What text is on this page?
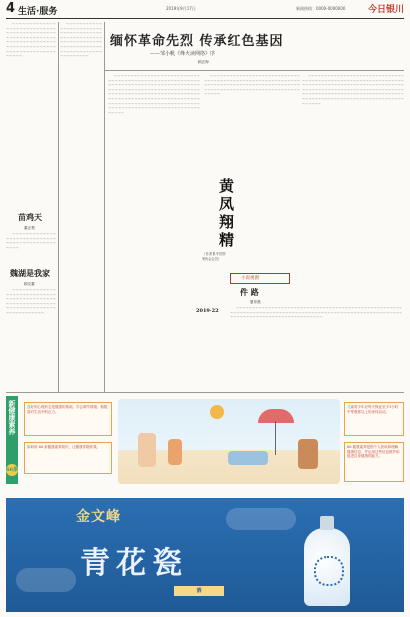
4 生活·服务	2019年9月17日	新闻热线：0000-0000000	今日银川

～～～～～～～～～～～～～～～～～～～～～～～～～～～～～～～～～～～～～～～～～～～～～～～～～～～～～～～～～～～～～～～～～～～～～～～～～～～～～～～～～～～～～～～～～～～～～～～～～～～～～～～～～～～～

～～～～～～～～～～～～～～～～～～～～～～～～～～～～～～～～～～～～～～～～～～～～～～～～～～～～～～～～～～～～～～～～～～～～～～～～～～～～～～～～～～～～～～～～～～～～～～～～～～

苗鸡天
董正观

～～～～～～～～～～～～～～～～～～～～～～～～～～～～～～～～～～～～～～～～～～～～～～～

魏湖是我家
顾友董

～～～～～～～～～～～～～～～～～～～～～～～～～～～～～～～～～～～～～～～～～～～～～～～～～～～～～～～～～～～～～～～～～～～～～～～～～～～～～～～～～～～～～

缅怀革命先烈 传承红色基因
——邹小帆《烽火读网络》序
顾正海

～～～～～～～～～～～～～～～～～～～～～～～～～～～～～～～～～～～～～～～～～～～～～～～～～～～～～～～～～～～～～～～～～～～～～～～～～～～～～～～～～～～～～～～～～～～～～～～～～～～～～～～～～～～～～～～～～～～～～～～～～～～～～～～～～～～～～～～～～～～～～～～～～～～～～～～～～～～～～～～～～～～～～～～～～～～～～～～～～～～～～～～～～～～～～～～～～～～～～～～～～～～～～～～～～～～～～～～～～～～～～～～～～～～

～～～～～～～～～～～～～～～～～～～～～～～～～～～～～～～～～～～～～～～～～～～～～～～～～～～～～～～～～～～～～～～～～～～～～～～～～～～～～～～～～～～～～～～～～～～～～～～～～～～～～～～～～～～～～～～～～～～～～～～～～～～

～～～～～～～～～～～～～～～～～～～～～～～～～～～～～～～～～～～～～～～～～～～～～～～～～～～～～～～～～～～～～～～～～～～～～～～～～～～～～～～～～～～～～～～～～～～～～～～～～～～～～～～～～～～～～～～～～～～～～～～～～～～～～～～～～～～～～～～～～～～～～～～～～～～～～～～～～～～～～～～～～～～～～～～～～～～～～～～～～～～～～～～～～～～～～～～～～～～～

（作者系中国作家协会会员）
黄凤翔精
2019·22
小说视窗
件 路
夏东晨

～～～～～～～～～～～～～～～～～～～～～～～～～～～～～～～～～～～～～～～～～～～～～～～～～～～～～～～～～～～～～～～～～～～～～～～～～～～～～～～～～～～～～～～～～～～～～～～～～～～～～～～～～～～～～～～～～～～～～～～～～～～～～～～～～～～～～～

新健康素养
66条
良好的心理状态是健康的基础，学会调节情绪，积极面对生活中的压力。
如何用 66 条健康素养知识，让健康伴随你我。
儿童青少年应每天保证至少1小时中等强度以上的身体活动。
66.健康素养是指个人获取和理解健康信息，并运用这些信息维护和促进自身健康的能力。
金文峰
青花瓷
酒
